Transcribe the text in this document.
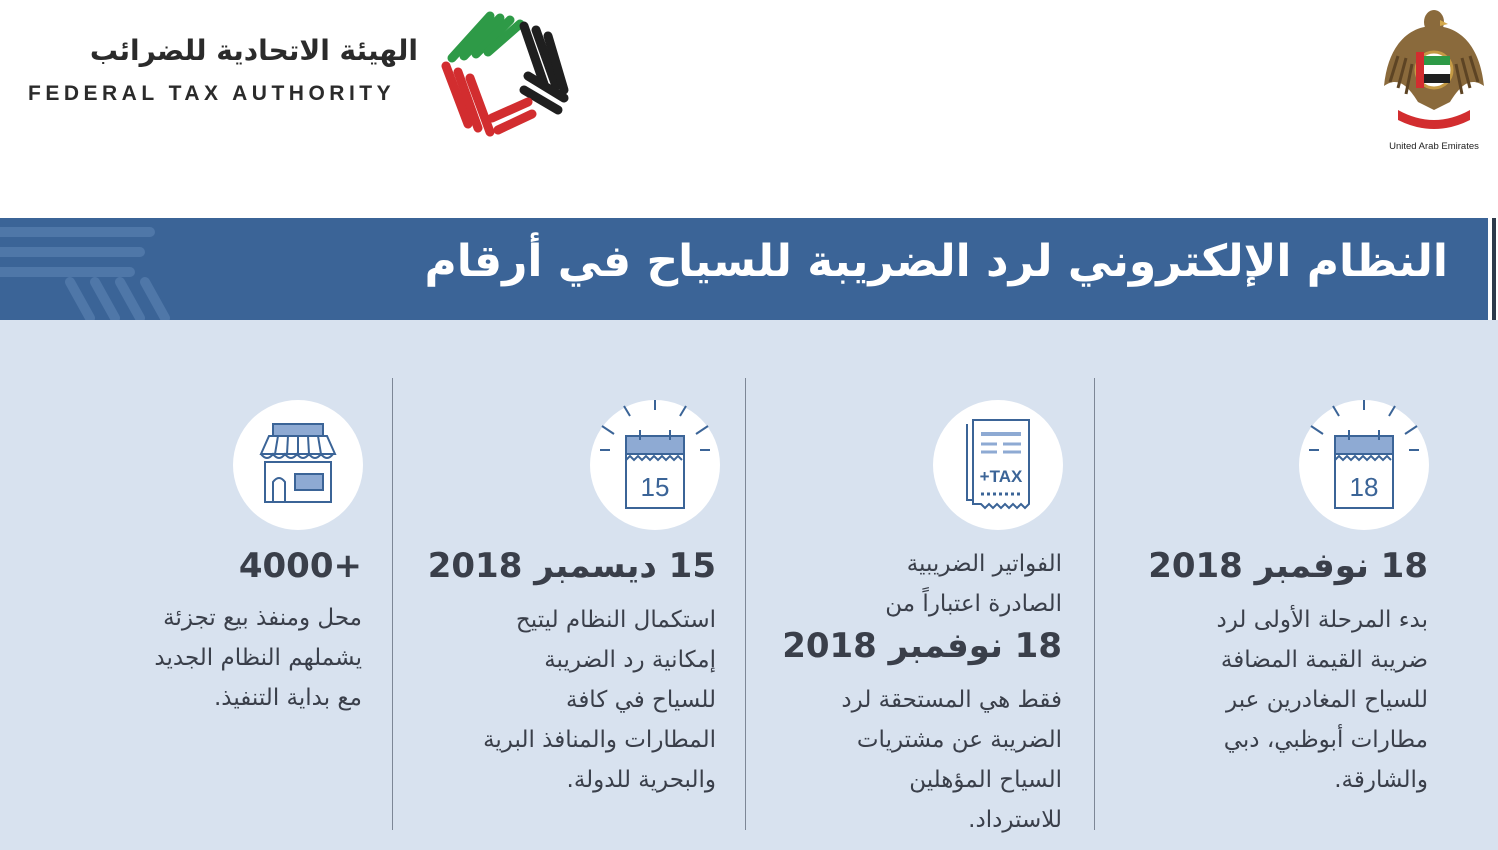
الهيئة الاتحادية للضرائب
FEDERAL TAX AUTHORITY
United Arab Emirates
النظام الإلكتروني لرد الضريبة للسياح في أرقام
18
18 نوفمبر 2018
بدء المرحلة الأولى لرد
ضريبة القيمة المضافة
للسياح المغادرين عبر
مطارات أبوظبي، دبي
والشارقة.
+TAX
الفواتير الضريبية
الصادرة اعتباراً من
18 نوفمبر 2018
فقط هي المستحقة لرد
الضريبة عن مشتريات
السياح المؤهلين
للاسترداد.
15
15 ديسمبر 2018
استكمال النظام ليتيح
إمكانية رد الضريبة
للسياح في كافة
المطارات والمنافذ البرية
والبحرية للدولة.
+4000
محل ومنفذ بيع تجزئة
يشملهم النظام الجديد
مع بداية التنفيذ.
